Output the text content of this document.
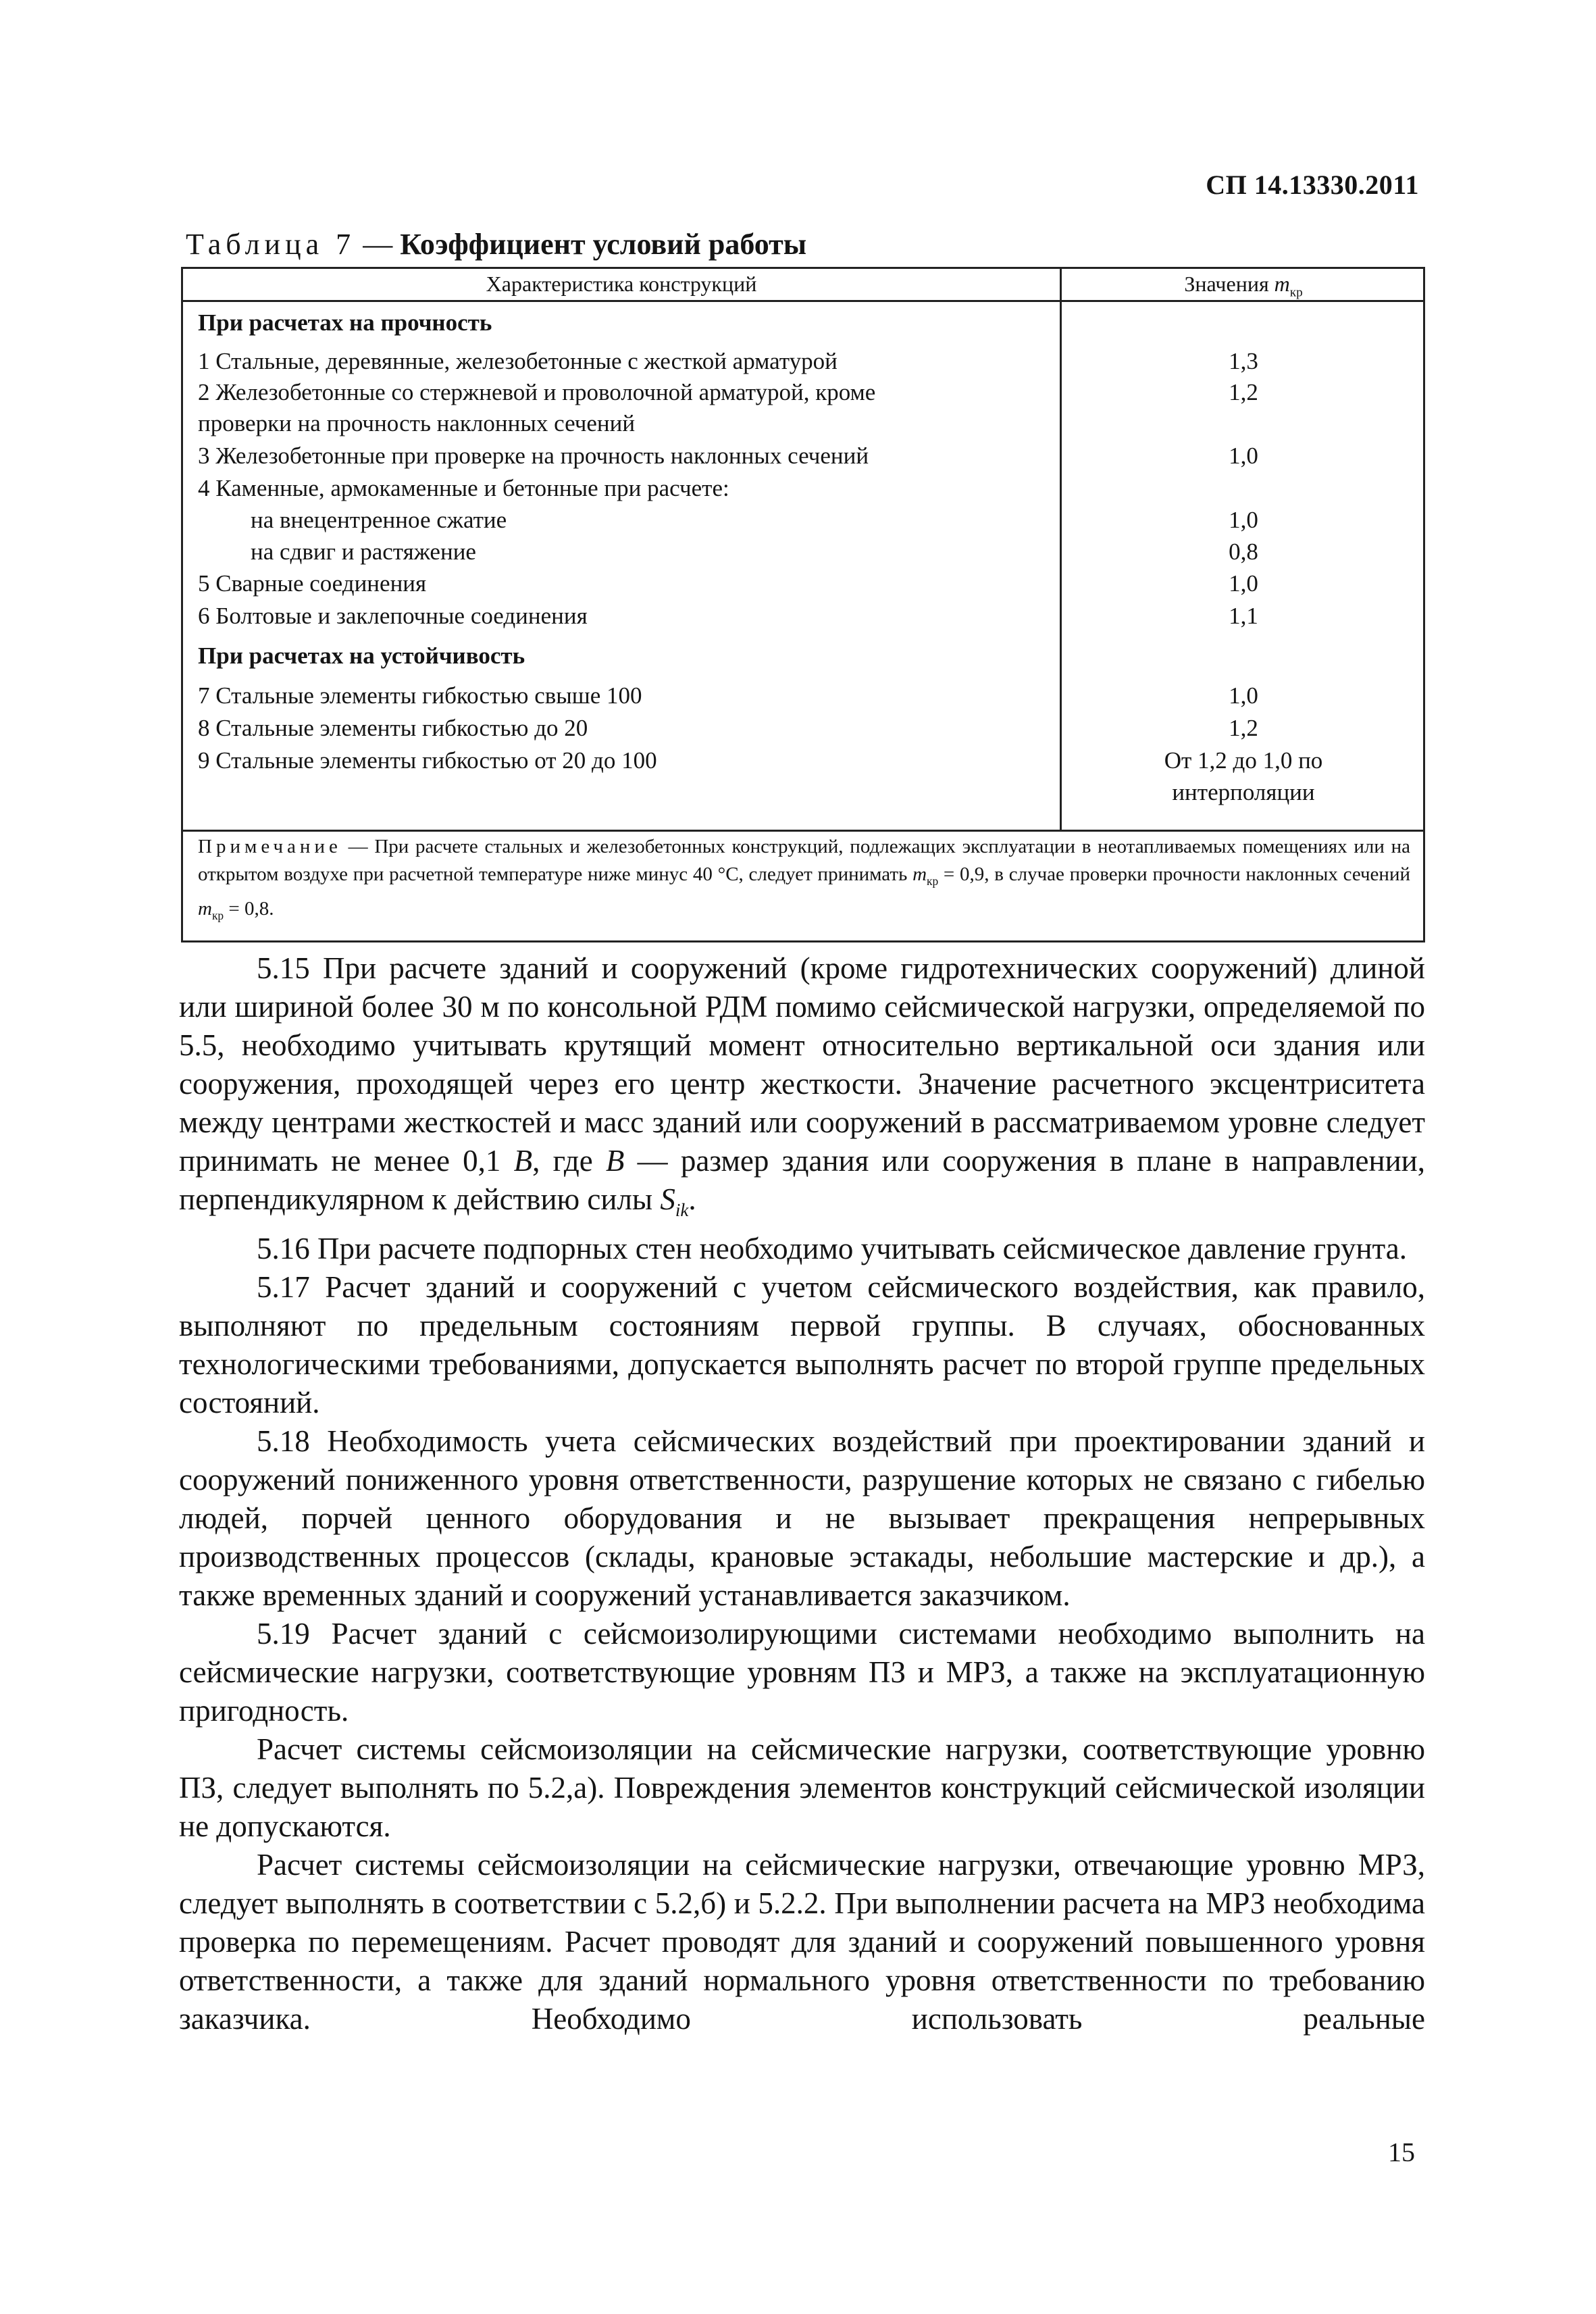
СП 14.13330.2011
Таблица 7 — Коэффициент условий работы
Характеристика конструкций	Значения $m_{кр}$
При расчетах на прочность
1 Стальные, деревянные, железобетонные с жесткой арматурой	1,3
2 Железобетонные со стержневой и проволочной арматурой, кроме	1,2
проверки на прочность наклонных сечений
3 Железобетонные при проверке на прочность наклонных сечений	1,0
4 Каменные, армокаменные и бетонные при расчете:
на внецентренное сжатие	1,0
на сдвиг и растяжение	0,8
5 Сварные соединения	1,0
6 Болтовые и заклепочные соединения	1,1
При расчетах на устойчивость
7 Стальные элементы гибкостью свыше 100	1,0
8 Стальные элементы гибкостью до 20	1,2
9 Стальные элементы гибкостью от 20 до 100	От 1,2 до 1,0 по
интерполяции
Примечание — При расчете стальных и железобетонных конструкций, подлежащих эксплуатации в неотапливаемых помещениях или на открытом воздухе при расчетной температуре ниже минус 40 °С, следует принимать $m_{кр} = 0,9$, в случае проверки прочности наклонных сечений $m_{кр} = 0,8$.

5.15 При расчете зданий и сооружений (кроме гидротехнических сооружений) длиной или шириной более 30 м по консольной РДМ помимо сейсмической нагрузки, определяемой по 5.5, необходимо учитывать крутящий момент относительно вертикальной оси здания или сооружения, проходящей через его центр жесткости. Значение расчетного эксцентриситета между центрами жесткостей и масс зданий или сооружений в рассматриваемом уровне следует принимать не менее 0,1 B, где B — размер здания или сооружения в плане в направлении, перпендикулярном к действию силы $S_{ik}$.

5.16 При расчете подпорных стен необходимо учитывать сейсмическое давление грунта.

5.17 Расчет зданий и сооружений с учетом сейсмического воздействия, как правило, выполняют по предельным состояниям первой группы. В случаях, обоснованных технологическими требованиями, допускается выполнять расчет по второй группе предельных состояний.

5.18 Необходимость учета сейсмических воздействий при проектировании зданий и сооружений пониженного уровня ответственности, разрушение которых не связано с гибелью людей, порчей ценного оборудования и не вызывает прекращения непрерывных производственных процессов (склады, крановые эстакады, небольшие мастерские и др.), а также временных зданий и сооружений устанавливается заказчиком.

5.19 Расчет зданий с сейсмоизолирующими системами необходимо выполнить на сейсмические нагрузки, соответствующие уровням ПЗ и МРЗ, а также на эксплуатационную пригодность.

Расчет системы сейсмоизоляции на сейсмические нагрузки, соответствующие уровню ПЗ, следует выполнять по 5.2,а). Повреждения элементов конструкций сейсмической изоляции не допускаются.

Расчет системы сейсмоизоляции на сейсмические нагрузки, отвечающие уровню МРЗ, следует выполнять в соответствии с 5.2,б) и 5.2.2. При выполнении расчета на МРЗ необходима проверка по перемещениям. Расчет проводят для зданий и сооружений повышенного уровня ответственности, а также для зданий нормального уровня ответственности по требованию заказчика. Необходимо использовать реальные

15
